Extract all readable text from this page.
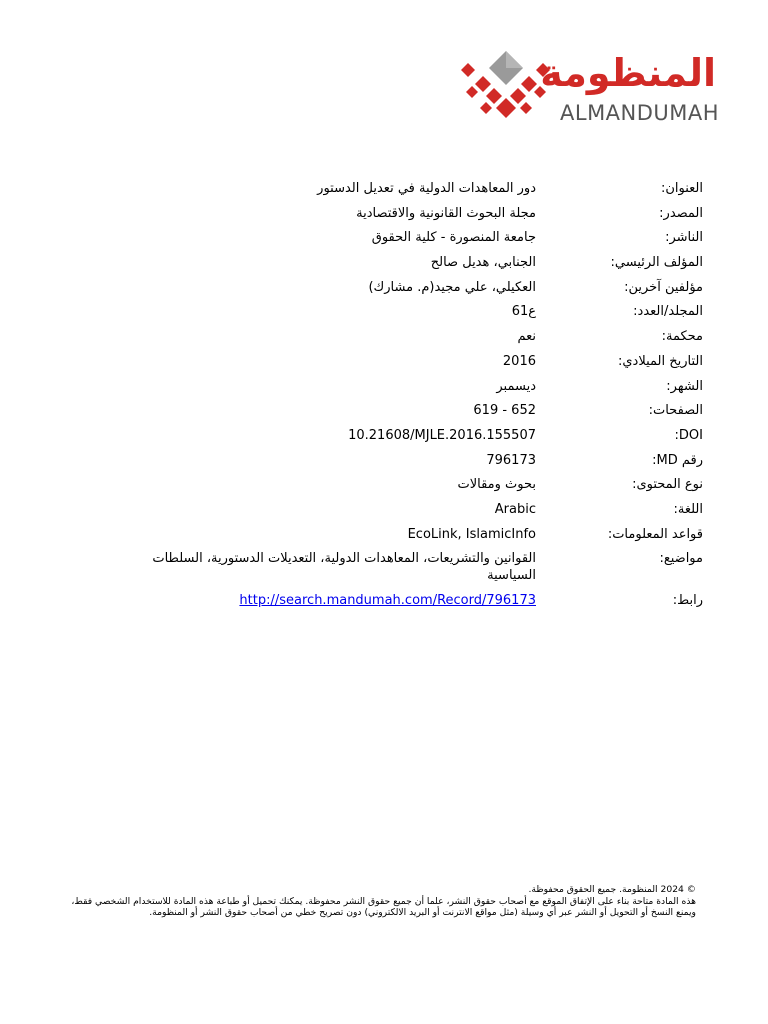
المنظومة
ALMANDUMAH
العنوان:
دور المعاهدات الدولية في تعديل الدستور
المصدر:
مجلة البحوث القانونية والاقتصادية
الناشر:
جامعة المنصورة - كلية الحقوق
المؤلف الرئيسي:
الجنابي، هديل صالح
مؤلفين آخرين:
العكيلي، علي مجيد(م. مشارك)
المجلد/العدد:
ع61
محكمة:
نعم
التاريخ الميلادي:
2016
الشهر:
ديسمبر
الصفحات:
619 - 652
DOI:
10.21608/MJLE.2016.155507
رقم MD:
796173
نوع المحتوى:
بحوث ومقالات
اللغة:
Arabic
قواعد المعلومات:
EcoLink, IslamicInfo
مواضيع:
القوانين والتشريعات، المعاهدات الدولية، التعديلات الدستورية، السلطات السياسية
رابط:
http://search.mandumah.com/Record/796173
© 2024 المنظومة. جميع الحقوق محفوظة.
هذه المادة متاحة بناء على الإتفاق الموقع مع أصحاب حقوق النشر، علما أن جميع حقوق النشر محفوظة. يمكنك تحميل أو طباعة هذه المادة للاستخدام الشخصي فقط، ويمنع النسخ أو التحويل أو النشر عبر أي وسيلة (مثل مواقع الانترنت أو البريد الالكتروني) دون تصريح خطي من أصحاب حقوق النشر أو المنظومة.
